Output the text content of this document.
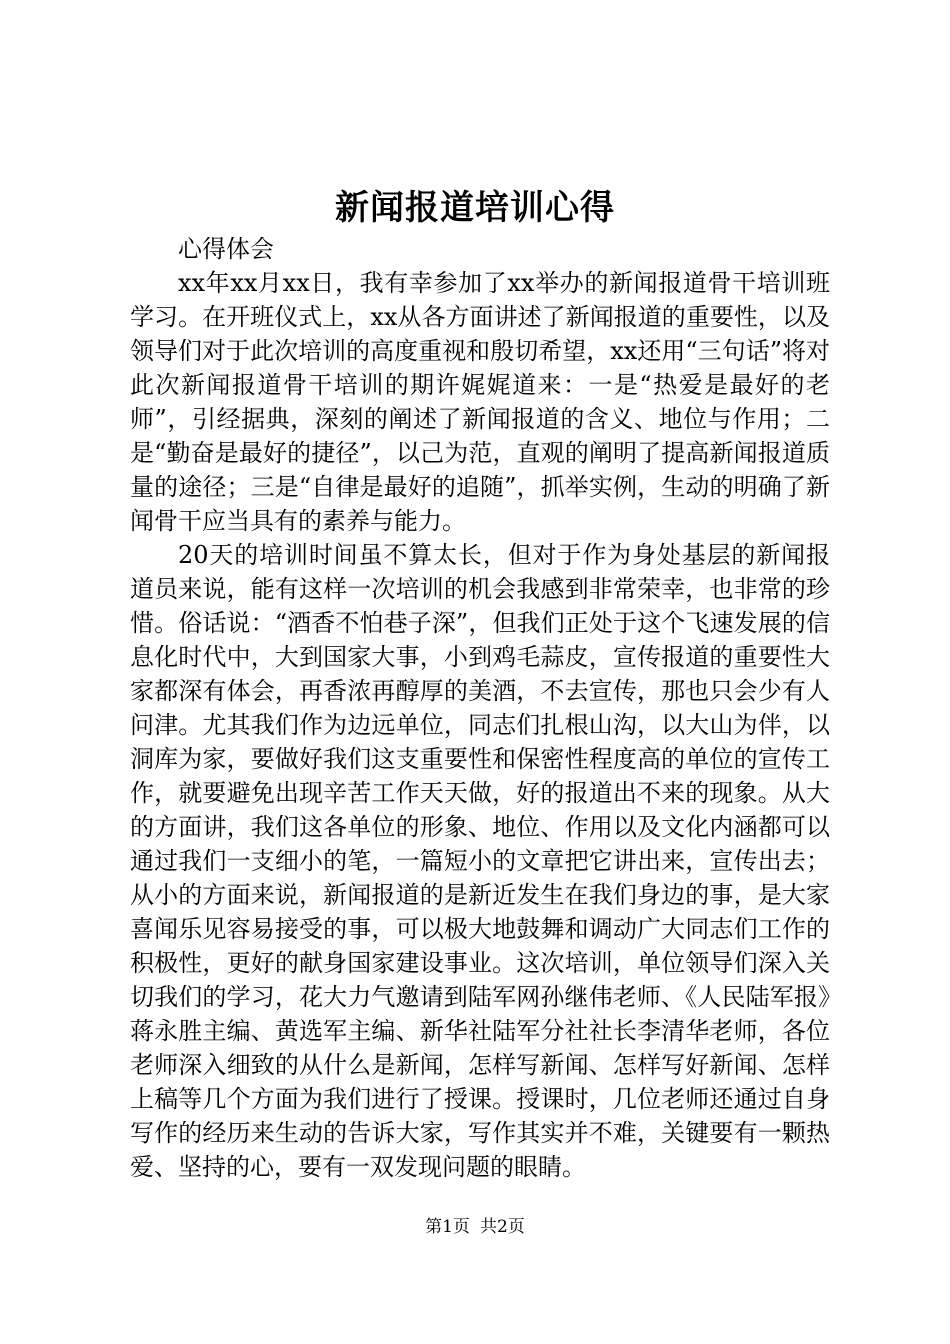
新闻报道培训心得

心得体会

xx年xx月xx日，我有幸参加了xx举办的新闻报道骨干培训班学习。在开班仪式上，xx从各方面讲述了新闻报道的重要性，以及领导们对于此次培训的高度重视和殷切希望，xx还用“三句话”将对此次新闻报道骨干培训的期许娓娓道来：一是“热爱是最好的老师”，引经据典，深刻的阐述了新闻报道的含义、地位与作用；二是“勤奋是最好的捷径”，以己为范，直观的阐明了提高新闻报道质量的途径；三是“自律是最好的追随”，抓举实例，生动的明确了新闻骨干应当具有的素养与能力。

20天的培训时间虽不算太长，但对于作为身处基层的新闻报道员来说，能有这样一次培训的机会我感到非常荣幸，也非常的珍惜。俗话说：“酒香不怕巷子深”，但我们正处于这个飞速发展的信息化时代中，大到国家大事，小到鸡毛蒜皮，宣传报道的重要性大家都深有体会，再香浓再醇厚的美酒，不去宣传，那也只会少有人问津。尤其我们作为边远单位，同志们扎根山沟，以大山为伴，以洞库为家，要做好我们这支重要性和保密性程度高的单位的宣传工作，就要避免出现辛苦工作天天做，好的报道出不来的现象。从大的方面讲，我们这各单位的形象、地位、作用以及文化内涵都可以通过我们一支细小的笔，一篇短小的文章把它讲出来，宣传出去；从小的方面来说，新闻报道的是新近发生在我们身边的事，是大家喜闻乐见容易接受的事，可以极大地鼓舞和调动广大同志们工作的积极性，更好的献身国家建设事业。这次培训，单位领导们深入关切我们的学习，花大力气邀请到陆军网孙继伟老师、《人民陆军报》蒋永胜主编、黄选军主编、新华社陆军分社社长李清华老师，各位老师深入细致的从什么是新闻，怎样写新闻、怎样写好新闻、怎样上稿等几个方面为我们进行了授课。授课时，几位老师还通过自身写作的经历来生动的告诉大家，写作其实并不难，关键要有一颗热爱、坚持的心，要有一双发现问题的眼睛。

第1页 共2页
